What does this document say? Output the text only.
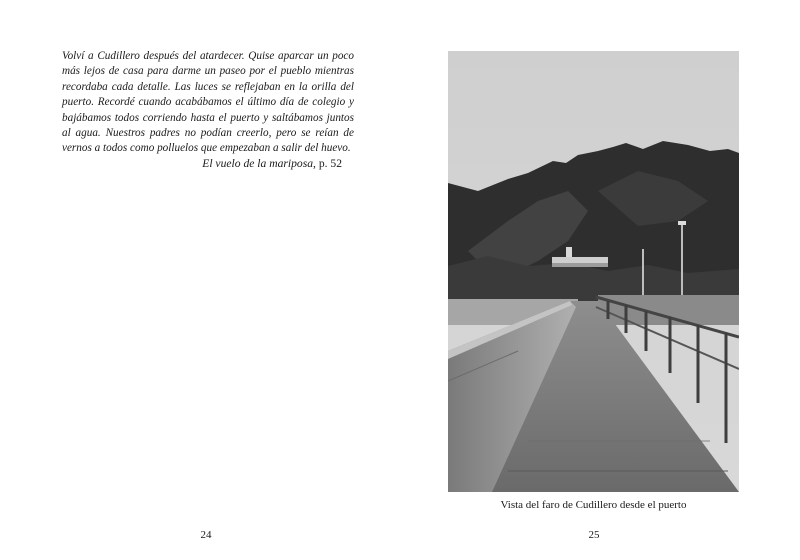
Volví a Cudillero después del atardecer. Quise aparcar un poco más lejos de casa para darme un paseo por el pueblo mientras recordaba cada detalle. Las luces se reflejaban en la orilla del puerto. Recordé cuando acabábamos el último día de colegio y bajábamos todos corriendo hasta el puerto y saltábamos juntos al agua. Nuestros padres no podían creerlo, pero se reían de vernos a todos como polluelos que empezaban a salir del huevo.

El vuelo de la mariposa, p. 52

24

Vista del faro de Cudillero desde el puerto

25
